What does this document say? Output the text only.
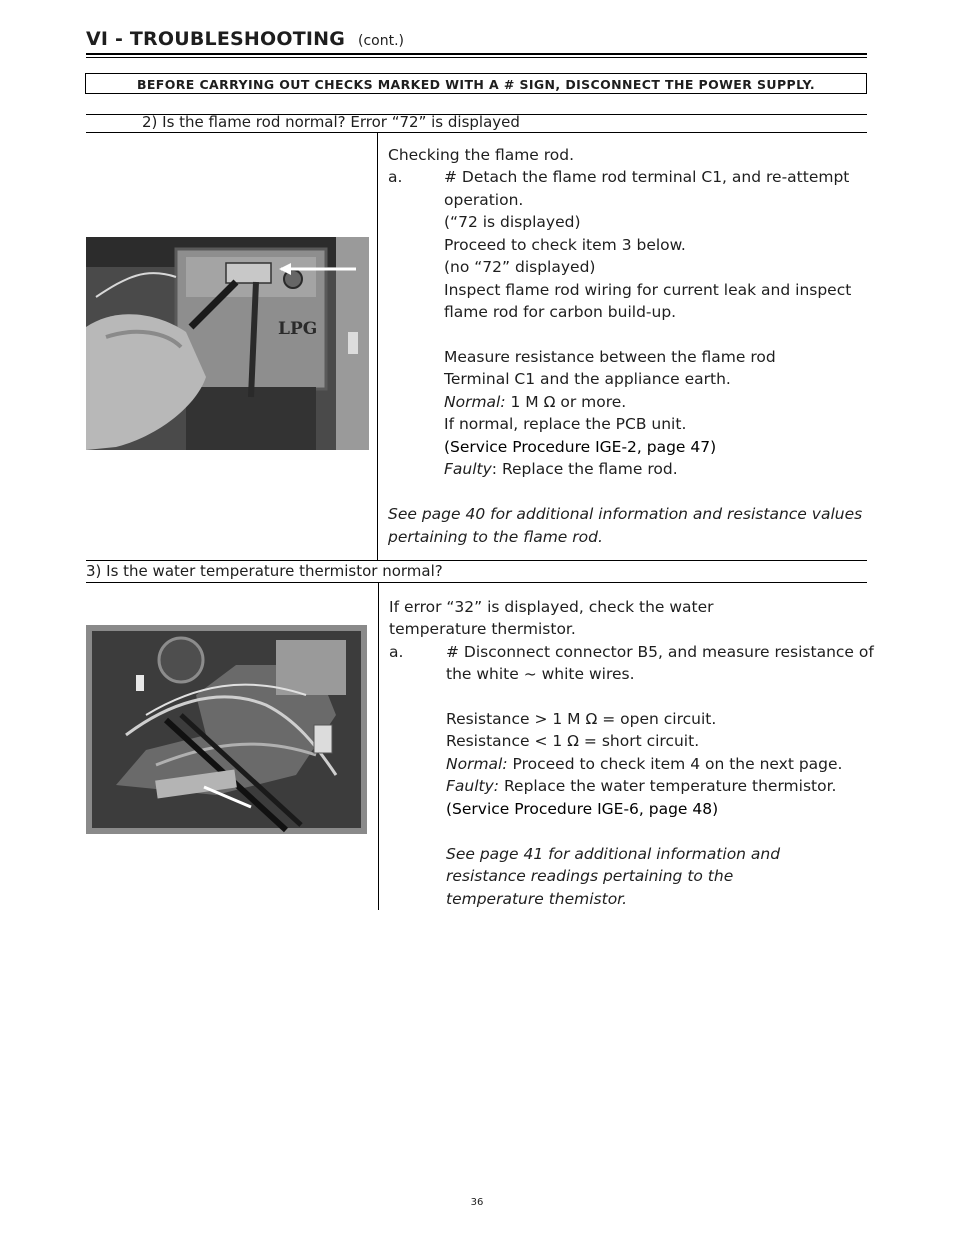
VI - TROUBLESHOOTING (cont.)
BEFORE CARRYING OUT CHECKS MARKED WITH A # SIGN, DISCONNECT THE POWER SUPPLY.
2) Is the flame rod normal? Error “72” is displayed
LPG
Checking the flame rod.
a.	# Detach the flame rod terminal C1, and re-attempt
operation.
(“72 is displayed)
Proceed to check item 3 below.
(no “72” displayed)
Inspect flame rod wiring for current leak and inspect
flame rod for carbon build-up.
Measure resistance between the flame rod
Terminal C1 and the appliance earth.
Normal: 1 M Ω or more.
If normal, replace the PCB unit.
(Service Procedure IGE-2, page 47)
Faulty: Replace the flame rod.
See page 40 for additional information and resistance values
pertaining to the flame rod.
3) Is the water temperature thermistor normal?
If error “32” is displayed, check the water
temperature thermistor.
a.	# Disconnect connector B5, and measure resistance of
the white ~ white wires.
Resistance > 1 M Ω = open circuit.
Resistance < 1 Ω = short circuit.
Normal: Proceed to check item 4 on the next page.
Faulty: Replace the water temperature thermistor.
(Service Procedure IGE-6, page 48)
See page 41 for additional information and
resistance readings pertaining to the
temperature themistor.
36
